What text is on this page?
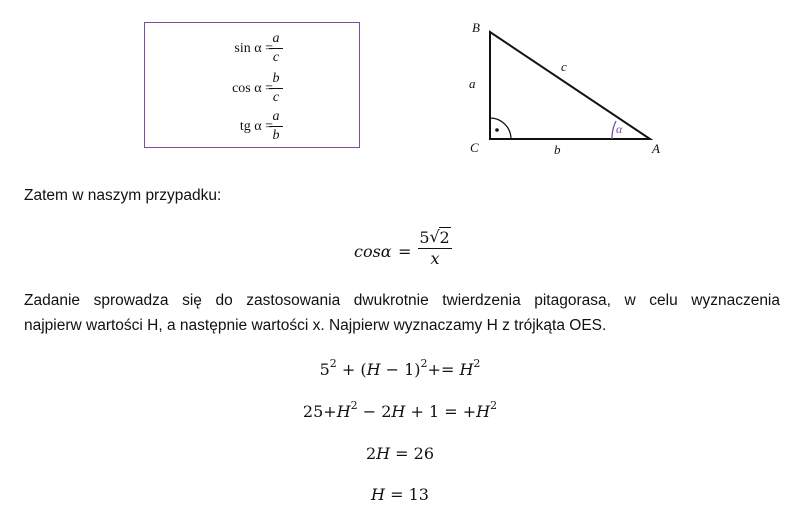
sin α =
a
c
cos α =
b
c
tg α =
a
b	α
B
C	A
a
b
c
Zatem w naszym przypadku:
cosα =
5 √ 2
x
Zadanie sprowadza się do zastosowania dwukrotnie twierdzenia pitagorasa, w celu wyznaczenia
najpierw wartości H, a następnie wartości x. Najpierw wyznaczamy H z trójkąta OES.
$5^2 + (H - 1)^2+= H^2$
$25+H^2 - 2H + 1 = +H^2$
2H = 26
H = 13
